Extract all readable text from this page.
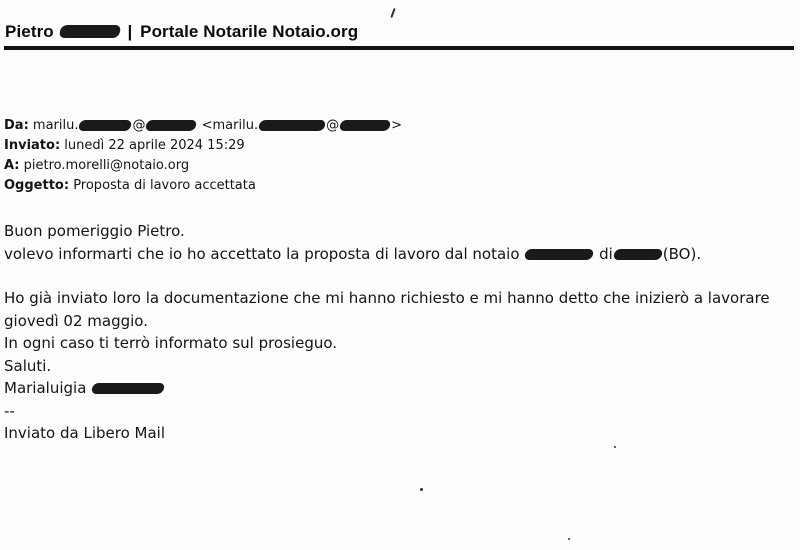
Pietro	| Portale Notarile Notaio.org
Da: marilu.	@	<marilu.	@	>
Inviato: lunedì 22 aprile 2024 15:29
A: pietro.morelli@notaio.org
Oggetto: Proposta di lavoro accettata
Buon pomeriggio Pietro.
volevo informarti che io ho accettato la proposta di lavoro dal notaio	di	(BO).
Ho già inviato loro la documentazione che mi hanno richiesto e mi hanno detto che inizierò a lavorare
giovedì 02 maggio.
In ogni caso ti terrò informato sul prosieguo.
Saluti.
Marialuigia
--
Inviato da Libero Mail
